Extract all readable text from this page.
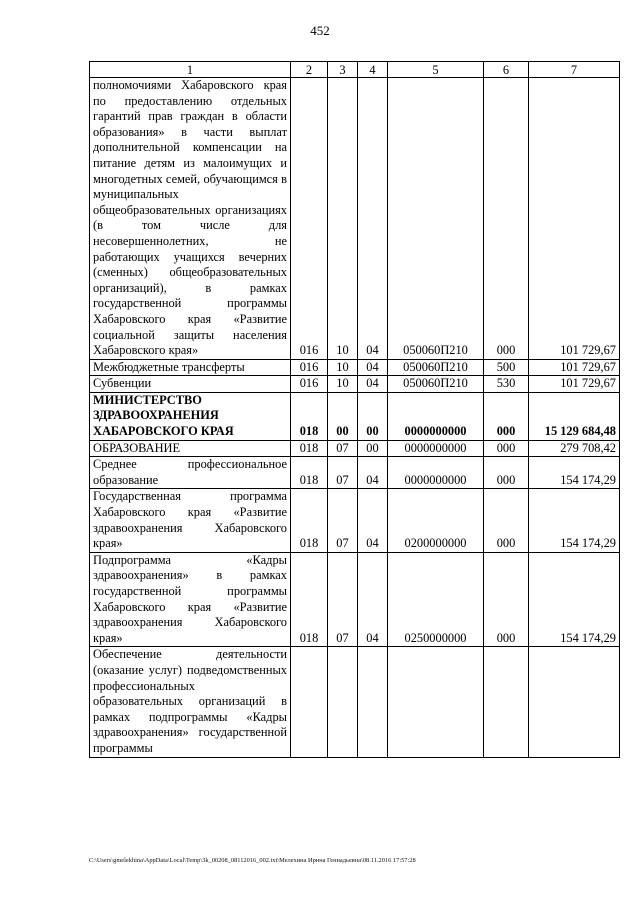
452
1	2	3	4	5	6	7
полномочиями Хабаровского края по предоставлению отдельных гарантий прав граждан в области образования» в части выплат дополнительной компенсации на питание детям из малоимущих и многодетных семей, обучающимся в муниципальных общеобразовательных организациях (в том числе для несовершеннолетних, не работающих учащихся вечерних (сменных) общеобразовательных организаций), в рамках государственной программы Хабаровского края «Развитие социальной защиты населения Хабаровского края»	016	10	04	050060П210	000	101 729,67
Межбюджетные трансферты	016	10	04	050060П210	500	101 729,67
Субвенции	016	10	04	050060П210	530	101 729,67
МИНИСТЕРСТВО ЗДРАВООХРАНЕНИЯ ХАБАРОВСКОГО КРАЯ	018	00	00	0000000000	000	15 129 684,48
ОБРАЗОВАНИЕ	018	07	00	0000000000	000	279 708,42
Среднее профессиональное образование	018	07	04	0000000000	000	154 174,29
Государственная программа Хабаровского края «Развитие здравоохранения Хабаровского края»	018	07	04	0200000000	000	154 174,29
Подпрограмма «Кадры здравоохранения» в рамках государственной программы Хабаровского края «Развитие здравоохранения Хабаровского края»	018	07	04	0250000000	000	154 174,29
Обеспечение деятельности (оказание услуг) подведомственных профессиональных образовательных организаций в рамках подпрограммы «Кадры здравоохранения» государственной программы						
C:\Users\gmelekhina\AppData\Local\Temp\3k_00208_08112016_002.txt\Мелехина Ирина Геннадьевна\08.11.2016 17:57:28
